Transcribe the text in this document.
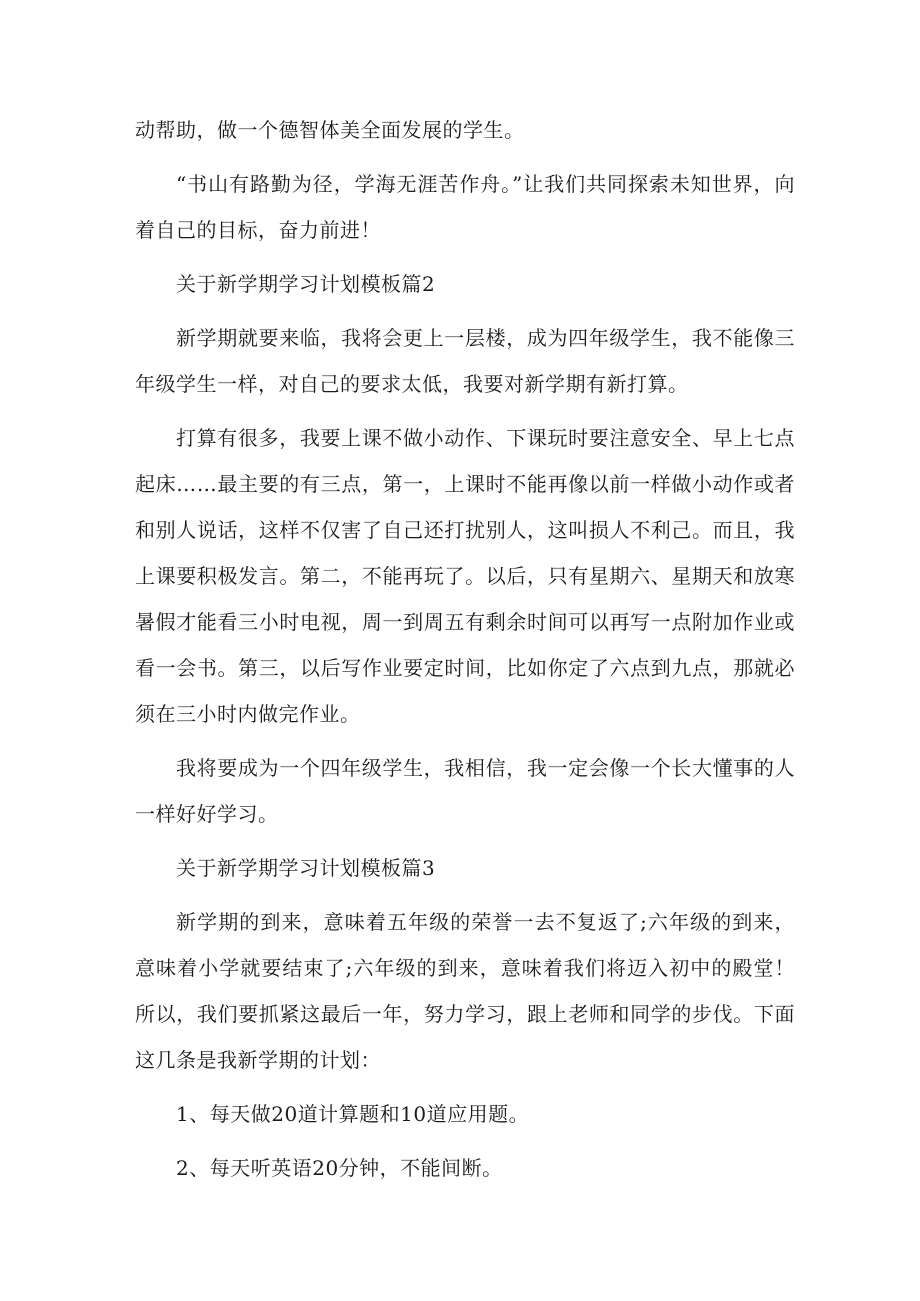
动帮助，做一个德智体美全面发展的学生。

“书山有路勤为径，学海无涯苦作舟。”让我们共同探索未知世界，向着自己的目标，奋力前进！

关于新学期学习计划模板篇2

新学期就要来临，我将会更上一层楼，成为四年级学生，我不能像三年级学生一样，对自己的要求太低，我要对新学期有新打算。

打算有很多，我要上课不做小动作、下课玩时要注意安全、早上七点起床……最主要的有三点，第一，上课时不能再像以前一样做小动作或者和别人说话，这样不仅害了自己还打扰别人，这叫损人不利己。而且，我上课要积极发言。第二，不能再玩了。以后，只有星期六、星期天和放寒暑假才能看三小时电视，周一到周五有剩余时间可以再写一点附加作业或看一会书。第三，以后写作业要定时间，比如你定了六点到九点，那就必须在三小时内做完作业。

我将要成为一个四年级学生，我相信，我一定会像一个长大懂事的人一样好好学习。

关于新学期学习计划模板篇3

新学期的到来，意味着五年级的荣誉一去不复返了;六年级的到来，意味着小学就要结束了;六年级的到来，意味着我们将迈入初中的殿堂！所以，我们要抓紧这最后一年，努力学习，跟上老师和同学的步伐。下面这几条是我新学期的计划：

1、每天做20道计算题和10道应用题。

2、每天听英语20分钟，不能间断。
